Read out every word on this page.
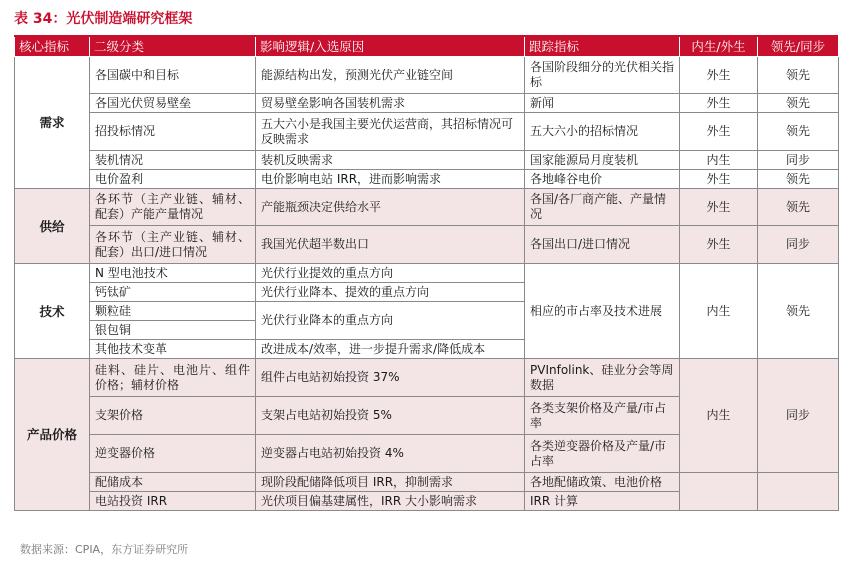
表 34：光伏制造端研究框架
核心指标	二级分类	影响逻辑/入选原因	跟踪指标	内生/外生	领先/同步
需求	各国碳中和目标	能源结构出发，预测光伏产业链空间	各国阶段细分的光伏相关指标	外生	领先
	各国光伏贸易壁垒	贸易壁垒影响各国装机需求	新闻	外生	领先
	招投标情况	五大六小是我国主要光伏运营商，其招标情况可反映需求	五大六小的招标情况	外生	领先
	装机情况	装机反映需求	国家能源局月度装机	内生	同步
	电价盈利	电价影响电站 IRR，进而影响需求	各地峰谷电价	外生	领先
供给	各环节（主产业链、辅材、配套）产能产量情况	产能瓶颈决定供给水平	各国/各厂商产能、产量情况	外生	领先
	各环节（主产业链、辅材、配套）出口/进口情况	我国光伏超半数出口	各国出口/进口情况	外生	同步
技术	N 型电池技术	光伏行业提效的重点方向	相应的市占率及技术进展	内生	领先
	钙钛矿	光伏行业降本、提效的重点方向			
	颗粒硅	光伏行业降本的重点方向			
	银包铜				
	其他技术变革	改进成本/效率，进一步提升需求/降低成本			
产品价格	硅料、硅片、电池片、组件价格；辅材价格	组件占电站初始投资 37%	PVInfolink、硅业分会等周数据	内生	同步
	支架价格	支架占电站初始投资 5%	各类支架价格及产量/市占率		
	逆变器价格	逆变器占电站初始投资 4%	各类逆变器价格及产量/市占率		
	配储成本	现阶段配储降低项目 IRR，抑制需求	各地配储政策、电池价格		
	电站投资 IRR	光伏项目偏基建属性，IRR 大小影响需求	IRR 计算		
数据来源：CPIA，东方证券研究所
